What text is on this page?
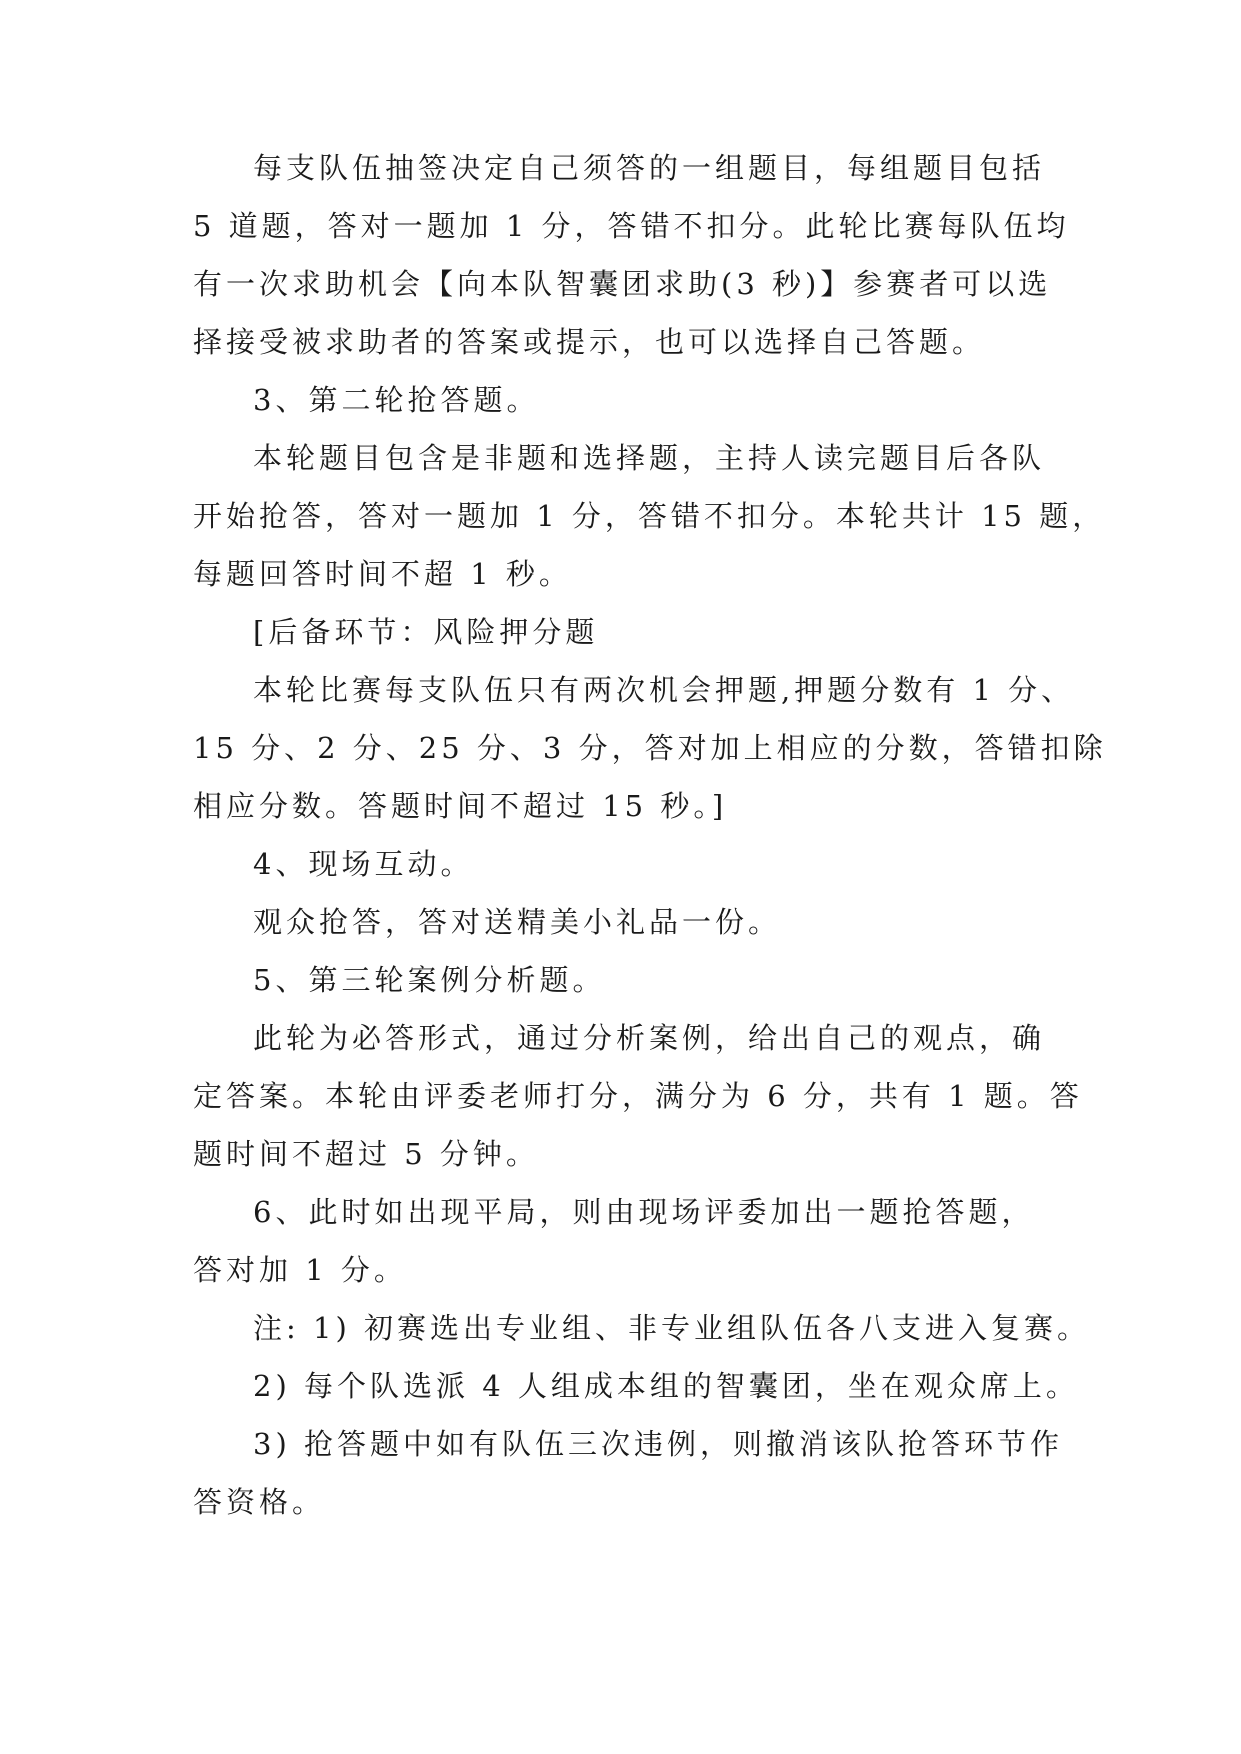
每支队伍抽签决定自己须答的一组题目，每组题目包括
5 道题，答对一题加 1 分，答错不扣分。此轮比赛每队伍均
有一次求助机会【向本队智囊团求助(3 秒)】参赛者可以选
择接受被求助者的答案或提示，也可以选择自己答题。
3、第二轮抢答题。
本轮题目包含是非题和选择题，主持人读完题目后各队
开始抢答，答对一题加 1 分，答错不扣分。本轮共计 15 题，
每题回答时间不超 1 秒。
[后备环节：风险押分题
本轮比赛每支队伍只有两次机会押题,押题分数有 1 分、
15 分、2 分、25 分、3 分，答对加上相应的分数，答错扣除
相应分数。答题时间不超过 15 秒。]
4、现场互动。
观众抢答，答对送精美小礼品一份。
5、第三轮案例分析题。
此轮为必答形式，通过分析案例，给出自己的观点，确
定答案。本轮由评委老师打分，满分为 6 分，共有 1 题。答
题时间不超过 5 分钟。
6、此时如出现平局，则由现场评委加出一题抢答题，
答对加 1 分。
注: 1) 初赛选出专业组、非专业组队伍各八支进入复赛。
2) 每个队选派 4 人组成本组的智囊团，坐在观众席上。
3) 抢答题中如有队伍三次违例，则撤消该队抢答环节作
答资格。
